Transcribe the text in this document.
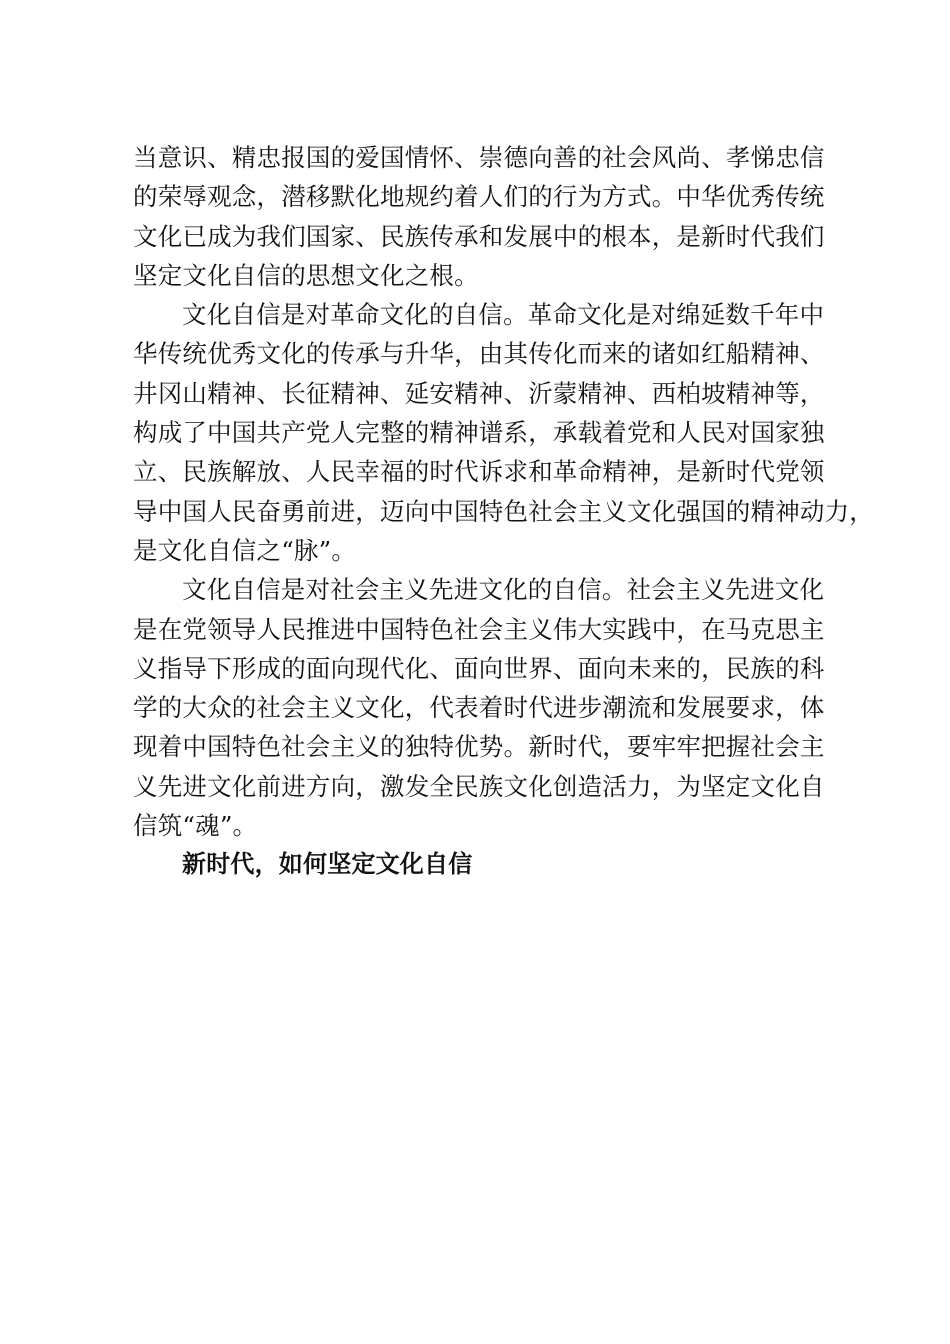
当意识、精忠报国的爱国情怀、崇德向善的社会风尚、孝悌忠信
的荣辱观念，潜移默化地规约着人们的行为方式。中华优秀传统
文化已成为我们国家、民族传承和发展中的根本，是新时代我们
坚定文化自信的思想文化之根。
文化自信是对革命文化的自信。革命文化是对绵延数千年中
华传统优秀文化的传承与升华，由其传化而来的诸如红船精神、
井冈山精神、长征精神、延安精神、沂蒙精神、西柏坡精神等，
构成了中国共产党人完整的精神谱系，承载着党和人民对国家独
立、民族解放、人民幸福的时代诉求和革命精神，是新时代党领
导中国人民奋勇前进，迈向中国特色社会主义文化强国的精神动力，
是文化自信之“脉”。
文化自信是对社会主义先进文化的自信。社会主义先进文化
是在党领导人民推进中国特色社会主义伟大实践中，在马克思主
义指导下形成的面向现代化、面向世界、面向未来的，民族的科
学的大众的社会主义文化，代表着时代进步潮流和发展要求，体
现着中国特色社会主义的独特优势。新时代，要牢牢把握社会主
义先进文化前进方向，激发全民族文化创造活力，为坚定文化自
信筑“魂”。
新时代，如何坚定文化自信
